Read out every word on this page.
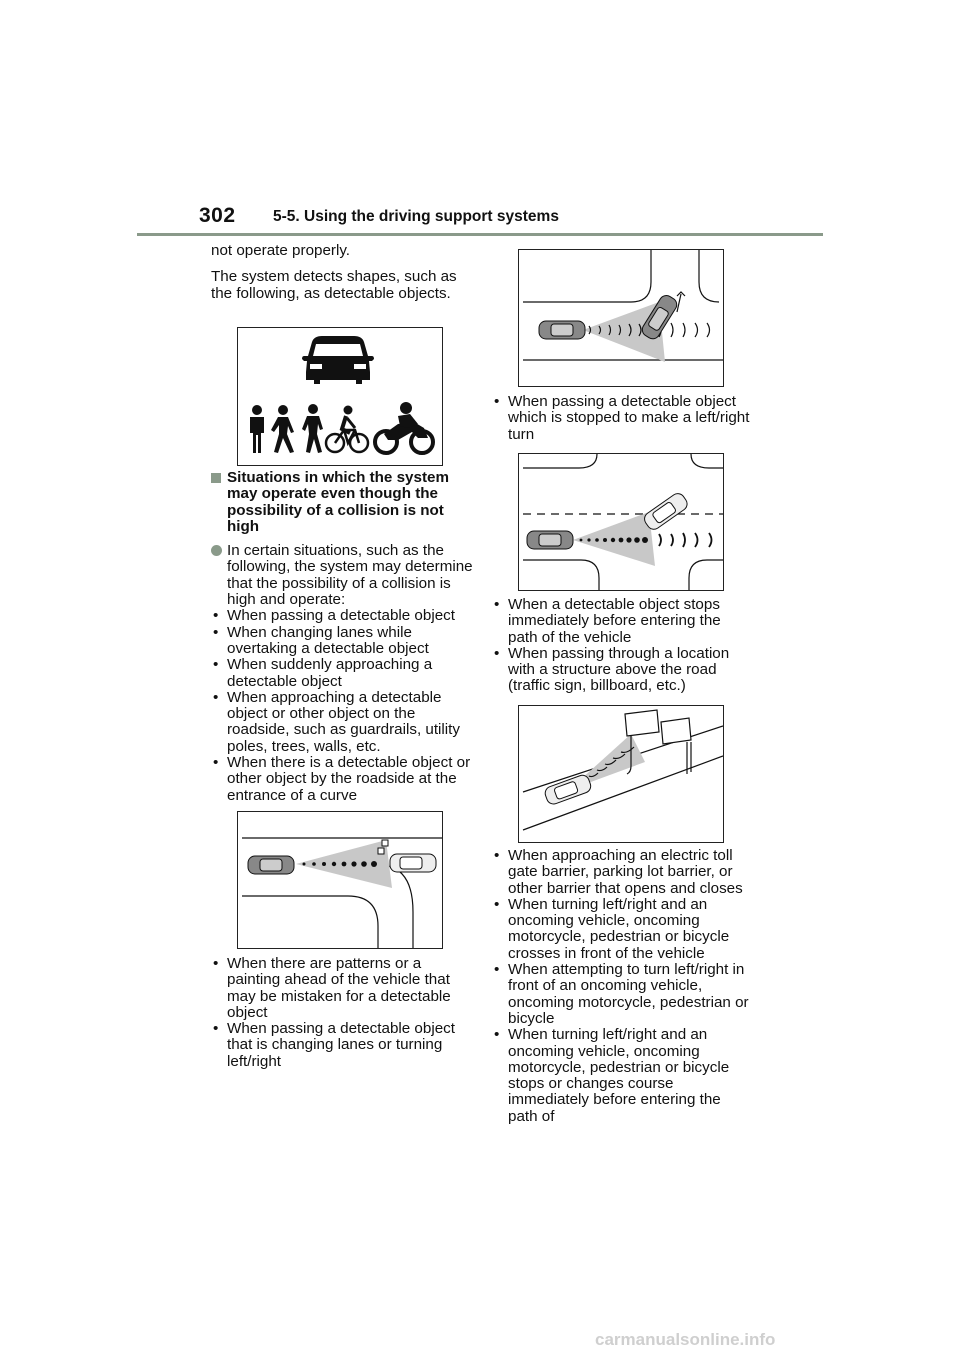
302 5-5. Using the driving support systems

not operate properly.

The system detects shapes, such as the following, as detectable objects.

Situations in which the system may operate even though the possibility of a collision is not high
In certain situations, such as the following, the system may determine that the possibility of a collision is high and operate:
• When passing a detectable object
• When changing lanes while overtaking a detectable object
• When suddenly approaching a detectable object
• When approaching a detectable object or other object on the roadside, such as guardrails, utility poles, trees, walls, etc.
• When there is a detectable object or other object by the roadside at the entrance of a curve
• When there are patterns or a painting ahead of the vehicle that may be mistaken for a detectable object
• When passing a detectable object that is changing lanes or turning left/right
• When passing a detectable object which is stopped to make a left/right turn
• When a detectable object stops immediately before entering the path of the vehicle
• When passing through a location with a structure above the road (traffic sign, billboard, etc.)
• When approaching an electric toll gate barrier, parking lot barrier, or other barrier that opens and closes
• When turning left/right and an oncoming vehicle, oncoming motorcycle, pedestrian or bicycle crosses in front of the vehicle
• When attempting to turn left/right in front of an oncoming vehicle, oncoming motorcycle, pedestrian or bicycle
• When turning left/right and an oncoming vehicle, oncoming motorcycle, pedestrian or bicycle stops or changes course immediately before entering the path of
carmanualsonline.info
